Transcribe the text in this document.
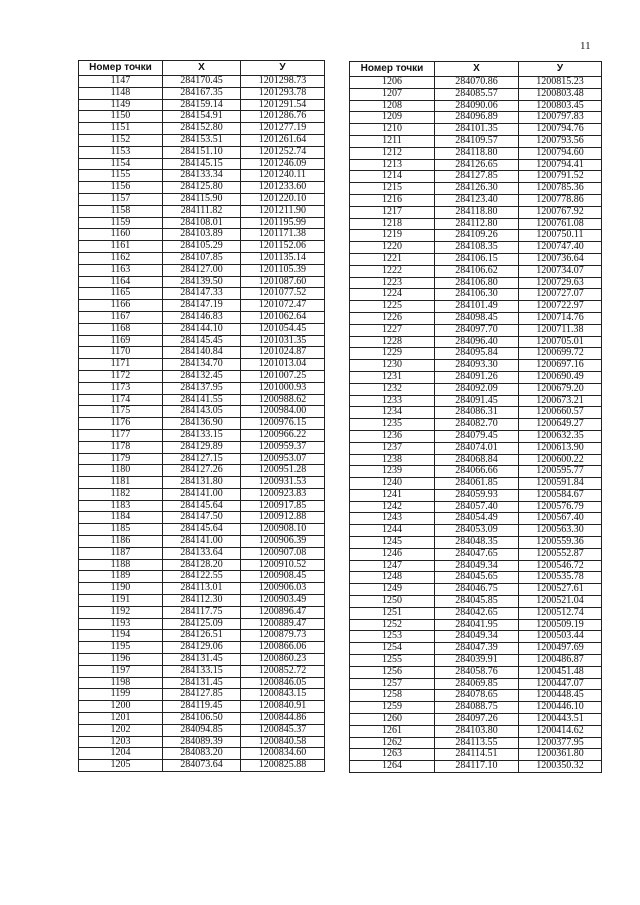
11
Номер точки	X	У
1147	284170.45	1201298.73
1148	284167.35	1201293.78
1149	284159.14	1201291.54
1150	284154.91	1201286.76
1151	284152.80	1201277.19
1152	284153.51	1201261.64
1153	284151.10	1201252.74
1154	284145.15	1201246.09
1155	284133.34	1201240.11
1156	284125.80	1201233.60
1157	284115.90	1201220.10
1158	284111.82	1201211.90
1159	284108.01	1201195.99
1160	284103.89	1201171.38
1161	284105.29	1201152.06
1162	284107.85	1201135.14
1163	284127.00	1201105.39
1164	284139.50	1201087.60
1165	284147.33	1201077.52
1166	284147.19	1201072.47
1167	284146.83	1201062.64
1168	284144.10	1201054.45
1169	284145.45	1201031.35
1170	284140.84	1201024.87
1171	284134.70	1201013.04
1172	284132.45	1201007.25
1173	284137.95	1201000.93
1174	284141.55	1200988.62
1175	284143.05	1200984.00
1176	284136.90	1200976.15
1177	284133.15	1200966.22
1178	284129.89	1200959.37
1179	284127.15	1200953.07
1180	284127.26	1200951.28
1181	284131.80	1200931.53
1182	284141.00	1200923.83
1183	284145.64	1200917.85
1184	284147.50	1200912.88
1185	284145.64	1200908.10
1186	284141.00	1200906.39
1187	284133.64	1200907.08
1188	284128.20	1200910.52
1189	284122.55	1200908.45
1190	284113.01	1200906.03
1191	284112.30	1200903.49
1192	284117.75	1200896.47
1193	284125.09	1200889.47
1194	284126.51	1200879.73
1195	284129.06	1200866.06
1196	284131.45	1200860.23
1197	284133.15	1200852.72
1198	284131.45	1200846.05
1199	284127.85	1200843.15
1200	284119.45	1200840.91
1201	284106.50	1200844.86
1202	284094.85	1200845.37
1203	284089.39	1200840.58
1204	284083.20	1200834.60
1205	284073.64	1200825.88
Номер точки	X	У
1206	284070.86	1200815.23
1207	284085.57	1200803.48
1208	284090.06	1200803.45
1209	284096.89	1200797.83
1210	284101.35	1200794.76
1211	284109.57	1200793.56
1212	284118.80	1200794.60
1213	284126.65	1200794.41
1214	284127.85	1200791.52
1215	284126.30	1200785.36
1216	284123.40	1200778.86
1217	284118.80	1200767.92
1218	284112.80	1200761.08
1219	284109.26	1200750.11
1220	284108.35	1200747.40
1221	284106.15	1200736.64
1222	284106.62	1200734.07
1223	284106.80	1200729.63
1224	284106.30	1200727.07
1225	284101.49	1200722.97
1226	284098.45	1200714.76
1227	284097.70	1200711.38
1228	284096.40	1200705.01
1229	284095.84	1200699.72
1230	284093.30	1200697.16
1231	284091.26	1200690.49
1232	284092.09	1200679.20
1233	284091.45	1200673.21
1234	284086.31	1200660.57
1235	284082.70	1200649.27
1236	284079.45	1200632.35
1237	284074.01	1200613.90
1238	284068.84	1200600.22
1239	284066.66	1200595.77
1240	284061.85	1200591.84
1241	284059.93	1200584.67
1242	284057.40	1200576.79
1243	284054.49	1200567.40
1244	284053.09	1200563.30
1245	284048.35	1200559.36
1246	284047.65	1200552.87
1247	284049.34	1200546.72
1248	284045.65	1200535.78
1249	284046.75	1200527.61
1250	284045.85	1200521.04
1251	284042.65	1200512.74
1252	284041.95	1200509.19
1253	284049.34	1200503.44
1254	284047.39	1200497.69
1255	284039.91	1200486.87
1256	284058.76	1200451.48
1257	284069.85	1200447.07
1258	284078.65	1200448.45
1259	284088.75	1200446.10
1260	284097.26	1200443.51
1261	284103.80	1200414.62
1262	284113.55	1200377.95
1263	284114.51	1200361.80
1264	284117.10	1200350.32
